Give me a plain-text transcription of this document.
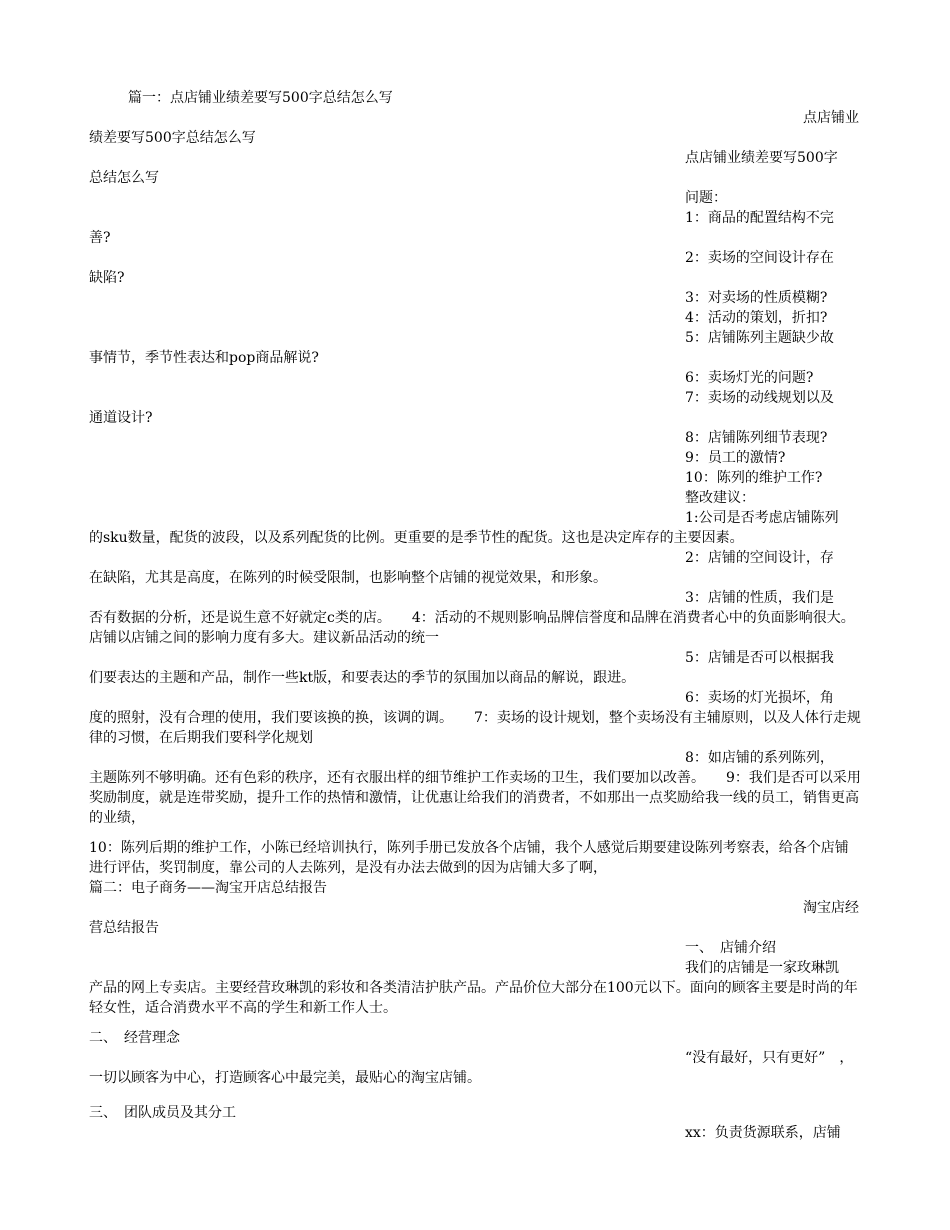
篇一：点店铺业绩差要写500字总结怎么写
点店铺业
绩差要写500字总结怎么写
点店铺业绩差要写500字
总结怎么写
问题：
1：商品的配置结构不完
善?
2：卖场的空间设计存在
缺陷?
3：对卖场的性质模糊?
4：活动的策划，折扣?
5：店铺陈列主题缺少故
事情节，季节性表达和pop商品解说?
6：卖场灯光的问题?
7：卖场的动线规划以及
通道设计?
8：店铺陈列细节表现?
9：员工的激情?
10：陈列的维护工作?
整改建议：
1:公司是否考虑店铺陈列
的sku数量，配货的波段，以及系列配货的比例。更重要的是季节性的配货。这也是决定库存的主要因素。
2：店铺的空间设计，存
在缺陷，尤其是高度，在陈列的时候受限制，也影响整个店铺的视觉效果，和形象。
3：店铺的性质，我们是
否有数据的分析，还是说生意不好就定c类的店。　　4：活动的不规则影响品牌信誉度和品牌在消费者心中的负面影响很大。店铺以店铺之间的影响力度有多大。建议新品活动的统一
5：店铺是否可以根据我
们要表达的主题和产品，制作一些kt版，和要表达的季节的氛围加以商品的解说，跟进。
6：卖场的灯光损坏，角
度的照射，没有合理的使用，我们要该换的换，该调的调。　　7：卖场的设计规划，整个卖场没有主辅原则，以及人体行走规律的习惯，在后期我们要科学化规划
8：如店铺的系列陈列，
主题陈列不够明确。还有色彩的秩序，还有衣服出样的细节维护工作卖场的卫生，我们要加以改善。　　9：我们是否可以采用奖励制度，就是连带奖励，提升工作的热情和激情，让优惠让给我们的消费者，不如那出一点奖励给我一线的员工，销售更高的业绩，
10：陈列后期的维护工作，小陈已经培训执行，陈列手册已发放各个店铺，我个人感觉后期要建设陈列考察表，给各个店铺进行评估，奖罚制度，靠公司的人去陈列，是没有办法去做到的因为店铺大多了啊，
篇二：电子商务——淘宝开店总结报告
淘宝店经
营总结报告
一、　店铺介绍
我们的店铺是一家玫琳凯
产品的网上专卖店。主要经营玫琳凯的彩妆和各类清洁护肤产品。产品价位大部分在100元以下。面向的顾客主要是时尚的年轻女性，适合消费水平不高的学生和新工作人士。
二、　经营理念
“没有最好，只有更好”　，
一切以顾客为中心，打造顾客心中最完美，最贴心的淘宝店铺。
三、　团队成员及其分工
xx：负责货源联系，店铺
